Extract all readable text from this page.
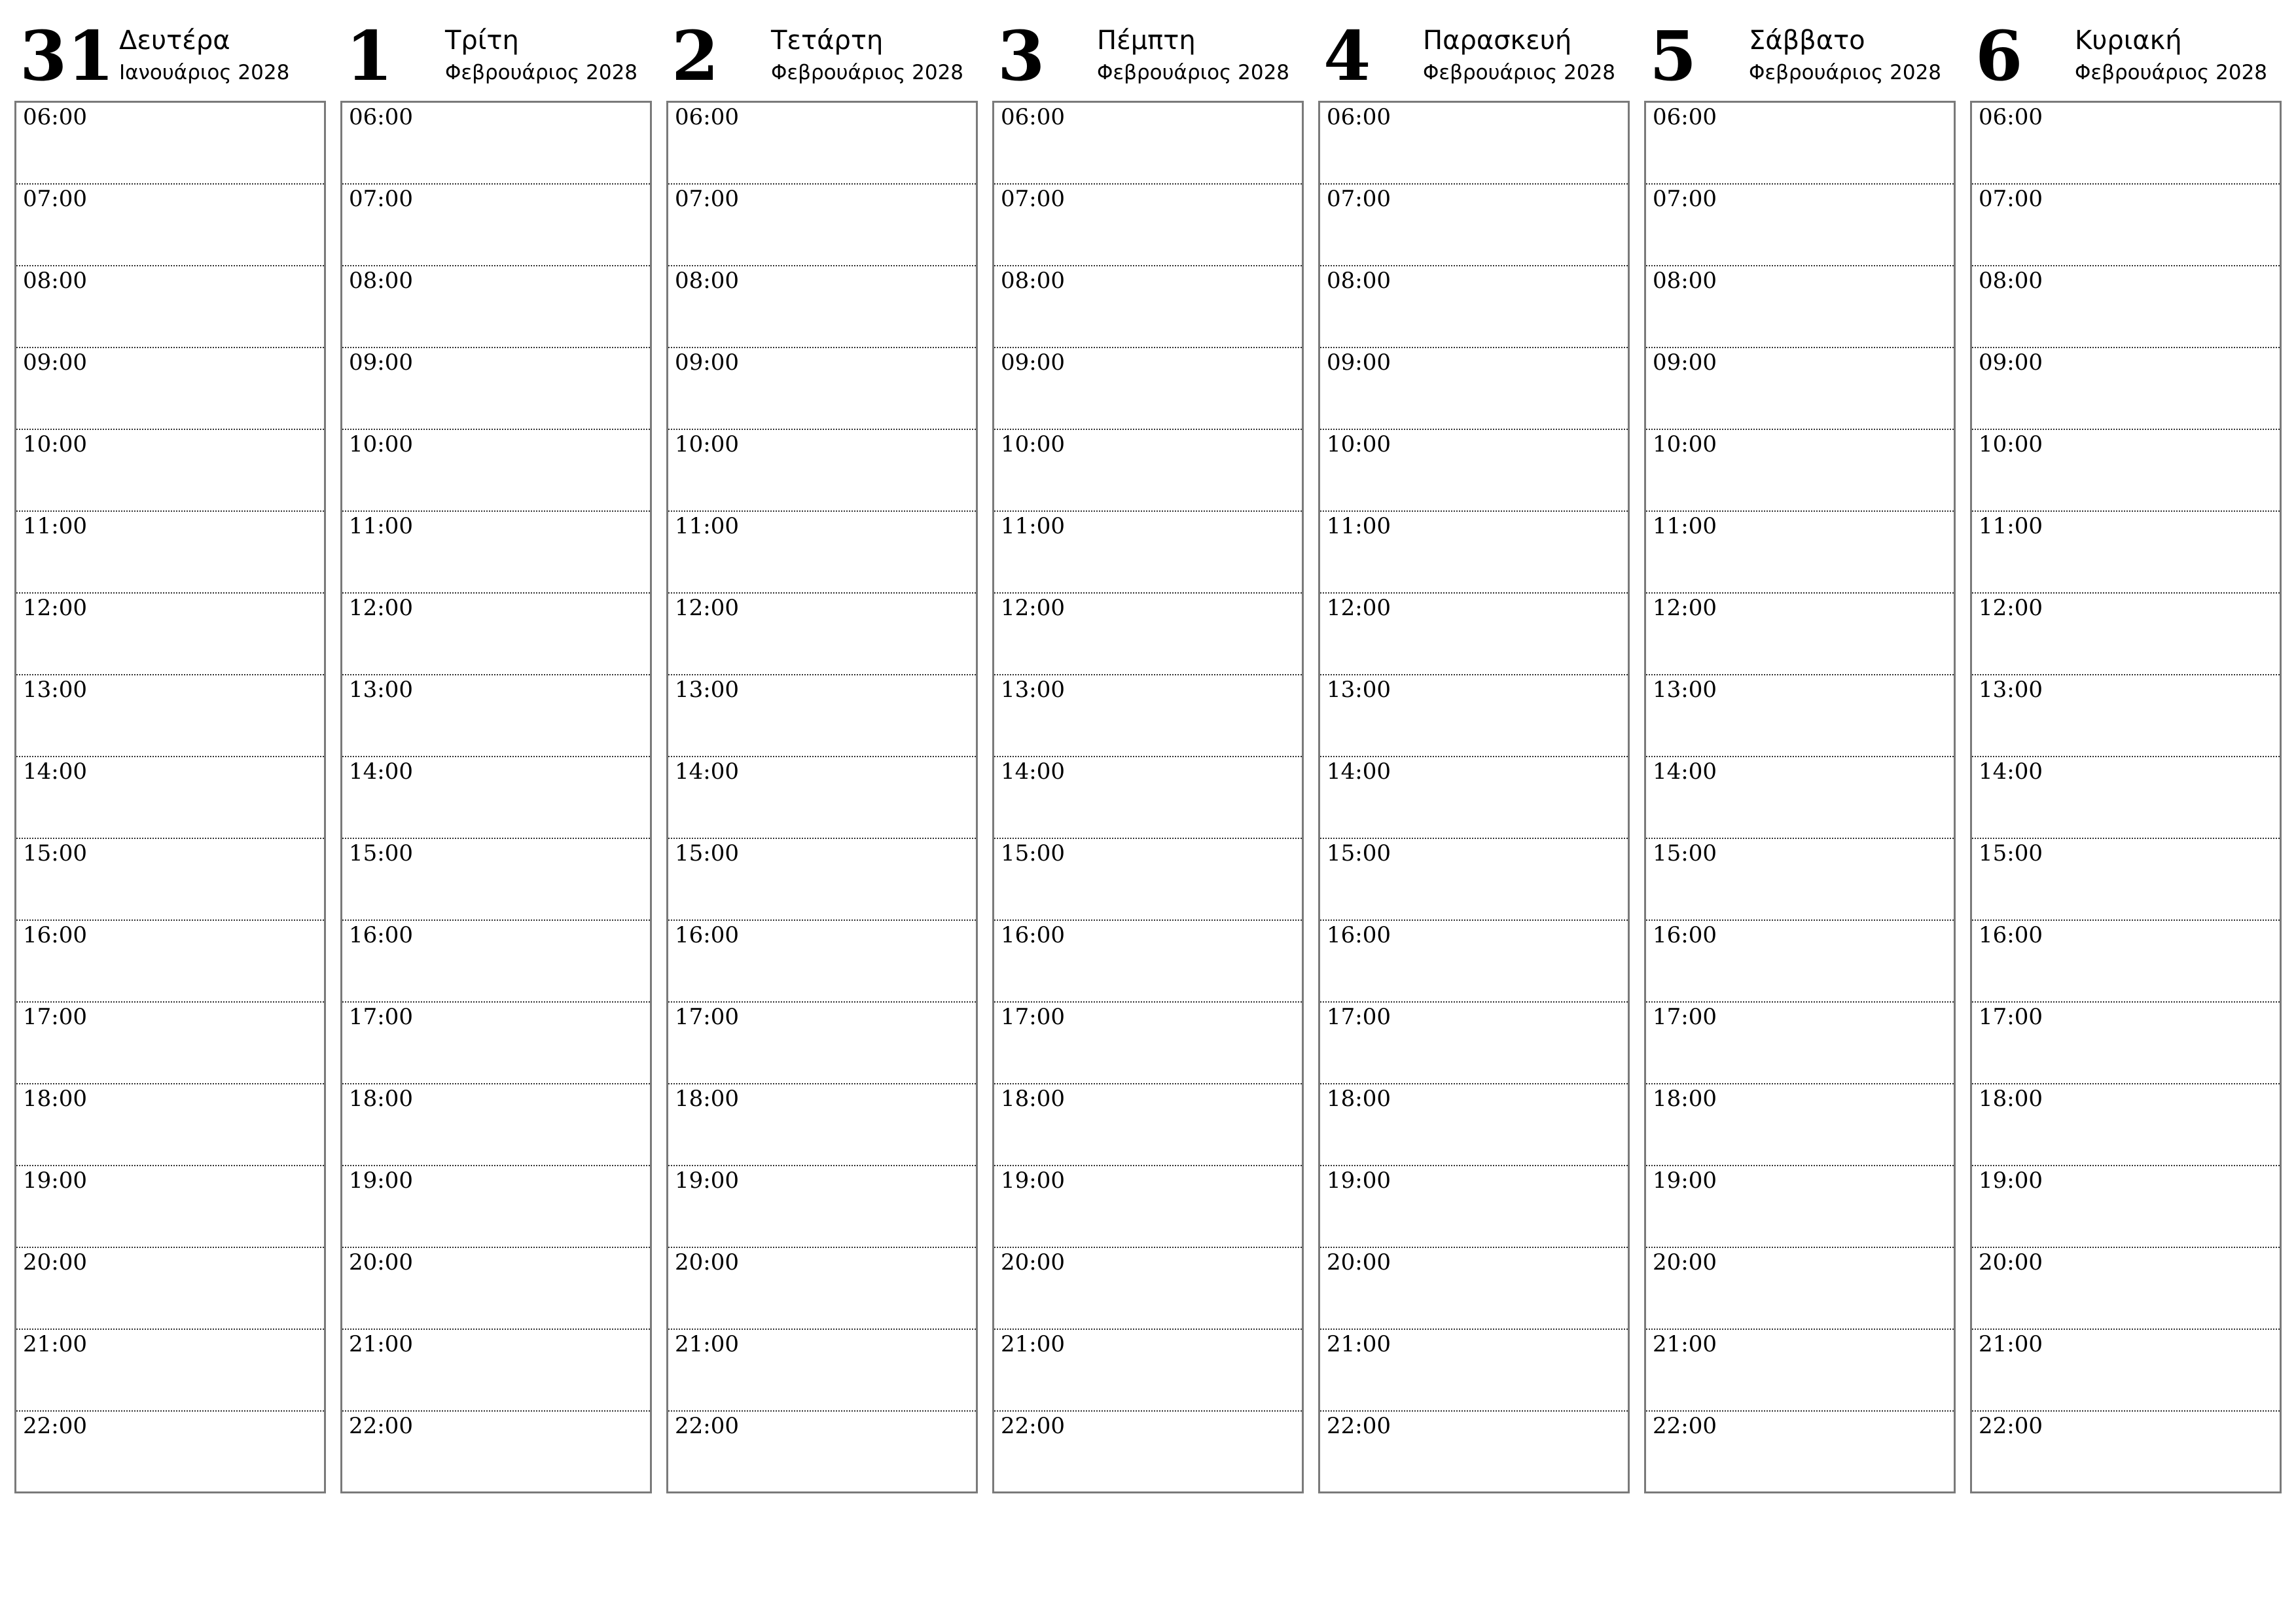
31 Δευτέρα
Ιανουάριος 2028
06:00
07:00
08:00
09:00
10:00
11:00
12:00
13:00
14:00
15:00
16:00
17:00
18:00
19:00
20:00
21:00
22:00
1 Τρίτη
Φεβρουάριος 2028
06:00
07:00
08:00
09:00
10:00
11:00
12:00
13:00
14:00
15:00
16:00
17:00
18:00
19:00
20:00
21:00
22:00
2 Τετάρτη
Φεβρουάριος 2028
06:00
07:00
08:00
09:00
10:00
11:00
12:00
13:00
14:00
15:00
16:00
17:00
18:00
19:00
20:00
21:00
22:00
3 Πέμπτη
Φεβρουάριος 2028
06:00
07:00
08:00
09:00
10:00
11:00
12:00
13:00
14:00
15:00
16:00
17:00
18:00
19:00
20:00
21:00
22:00
4 Παρασκευή
Φεβρουάριος 2028
06:00
07:00
08:00
09:00
10:00
11:00
12:00
13:00
14:00
15:00
16:00
17:00
18:00
19:00
20:00
21:00
22:00
5 Σάββατο
Φεβρουάριος 2028
06:00
07:00
08:00
09:00
10:00
11:00
12:00
13:00
14:00
15:00
16:00
17:00
18:00
19:00
20:00
21:00
22:00
6 Κυριακή
Φεβρουάριος 2028
06:00
07:00
08:00
09:00
10:00
11:00
12:00
13:00
14:00
15:00
16:00
17:00
18:00
19:00
20:00
21:00
22:00
